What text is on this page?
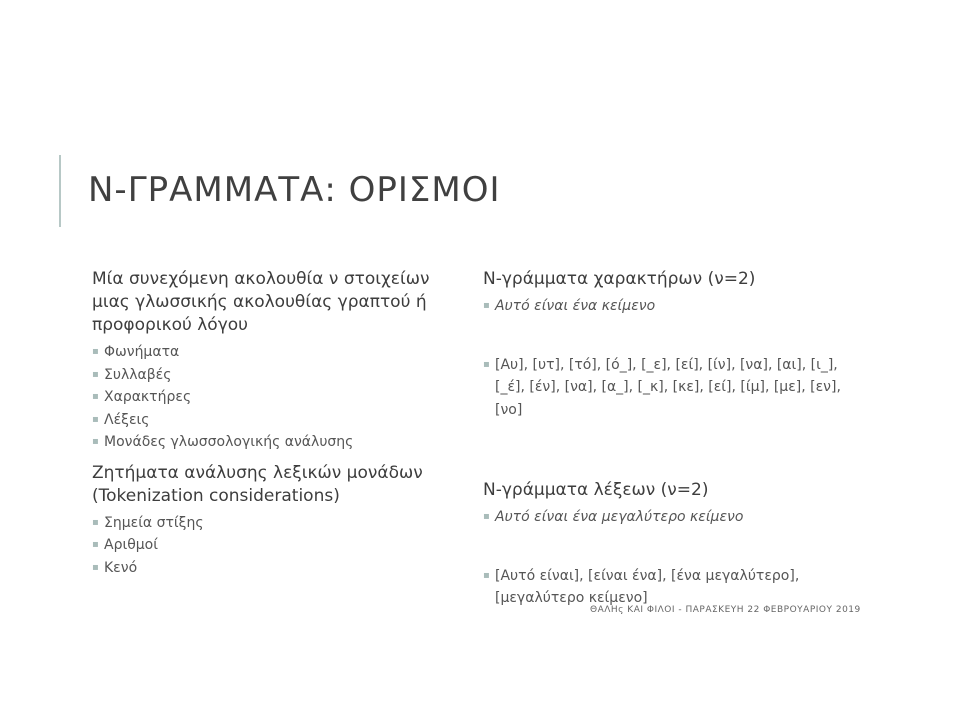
N-ΓΡΑΜΜΑΤΑ: ΟΡΙΣΜΟΙ

Μία συνεχόμενη ακολουθία ν στοιχείων μιας γλωσσικής ακολουθίας γραπτού ή προφορικού λόγου

▪ Φωνήματα
▪ Συλλαβές
▪ Χαρακτήρες
▪ Λέξεις
▪ Μονάδες γλωσσολογικής ανάλυσης

Ζητήματα ανάλυσης λεξικών μονάδων (Tokenization considerations)

▪ Σημεία στίξης
▪ Αριθμοί
▪ Κενό

N-γράμματα χαρακτήρων (ν=2)

▪ Αυτό είναι ένα κείμενο
▪ [Αυ], [υτ], [τό], [ό_], [_ε], [εί], [ίν], [να], [αι], [ι_], [_έ], [έν], [να], [α_], [_κ], [κε], [εί], [ίμ], [με], [εν], [νο]

N-γράμματα λέξεων (ν=2)

▪ Αυτό είναι ένα μεγαλύτερο κείμενο
▪ [Αυτό είναι], [είναι ένα], [ένα μεγαλύτερο], [μεγαλύτερο κείμενο]
ΘΑΛΗς ΚΑΙ ΦΙΛΟΙ - ΠΑΡΑΣΚΕΥΗ 22 ΦΕΒΡΟΥΑΡΙΟΥ 2019
